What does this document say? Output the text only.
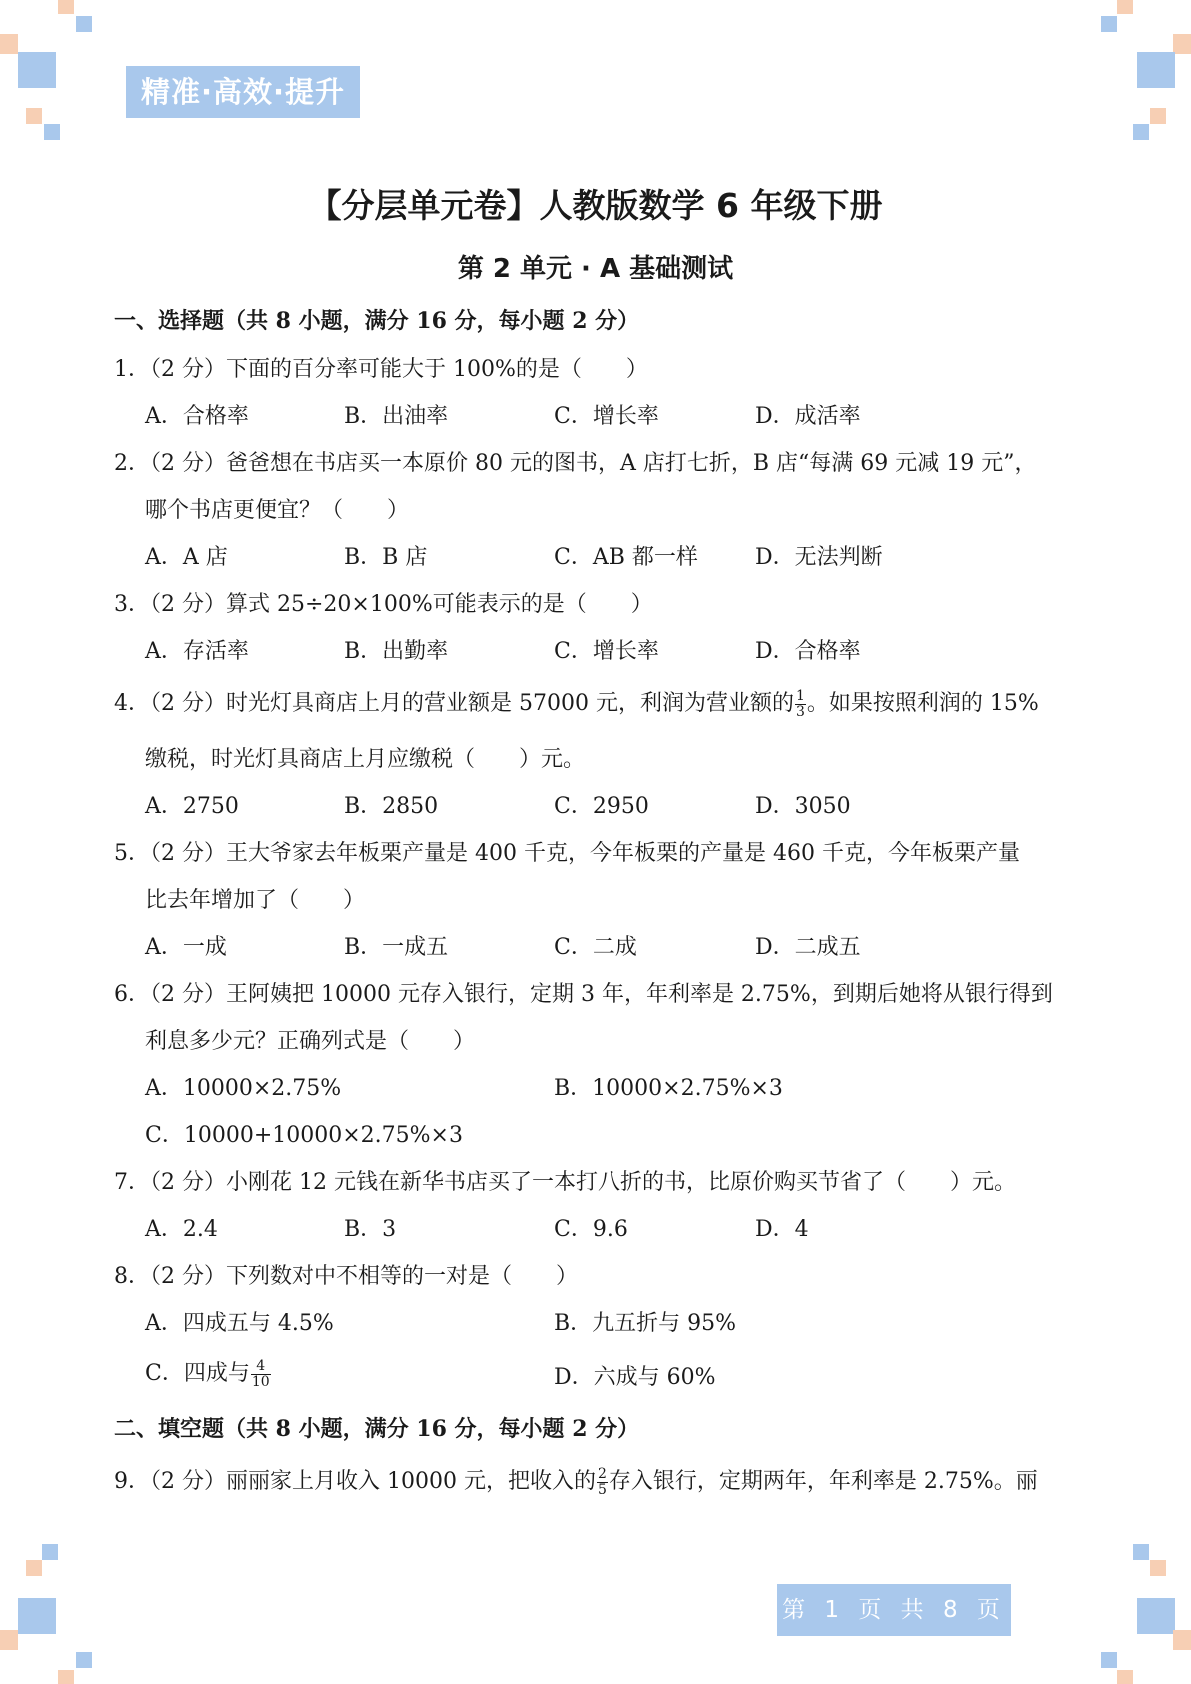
精准·高效·提升
【分层单元卷】人教版数学 6 年级下册
第 2 单元 · A 基础测试
一、选择题（共 8 小题，满分 16 分，每小题 2 分）
1．（2 分）下面的百分率可能大于 100%的是（　　）
A．合格率	B．出油率	C．增长率	D．成活率
2．（2 分）爸爸想在书店买一本原价 80 元的图书，A 店打七折，B 店“每满 69 元减 19 元”，
哪个书店更便宜？（　　）
A．A 店	B．B 店	C．AB 都一样	D．无法判断
3．（2 分）算式 25÷20×100%可能表示的是（　　）
A．存活率	B．出勤率	C．增长率	D．合格率
4．（2 分）时光灯具商店上月的营业额是 57000 元，利润为营业额的 $\frac{1}{3}$ 。如果按照利润的 15%
缴税，时光灯具商店上月应缴税（　　）元。
A．2750	B．2850	C．2950	D．3050
5．（2 分）王大爷家去年板栗产量是 400 千克，今年板栗的产量是 460 千克，今年板栗产量
比去年增加了（　　）
A．一成	B．一成五	C．二成	D．二成五
6．（2 分）王阿姨把 10000 元存入银行，定期 3 年，年利率是 2.75%，到期后她将从银行得到
利息多少元？正确列式是（　　）
A．10000×2.75%	B．10000×2.75%×3
C．10000+10000×2.75%×3
7．（2 分）小刚花 12 元钱在新华书店买了一本打八折的书，比原价购买节省了（　　）元。
A．2.4	B．3	C．9.6	D．4
8．（2 分）下列数对中不相等的一对是（　　）
A．四成五与 4.5%	B．九五折与 95%
C．四成与 $\frac{4}{10}$	D．六成与 60%
二、填空题（共 8 小题，满分 16 分，每小题 2 分）
9．（2 分）丽丽家上月收入 10000 元，把收入的 $\frac{2}{5}$ 存入银行，定期两年，年利率是 2.75%。丽
第 1 页 共 8 页
